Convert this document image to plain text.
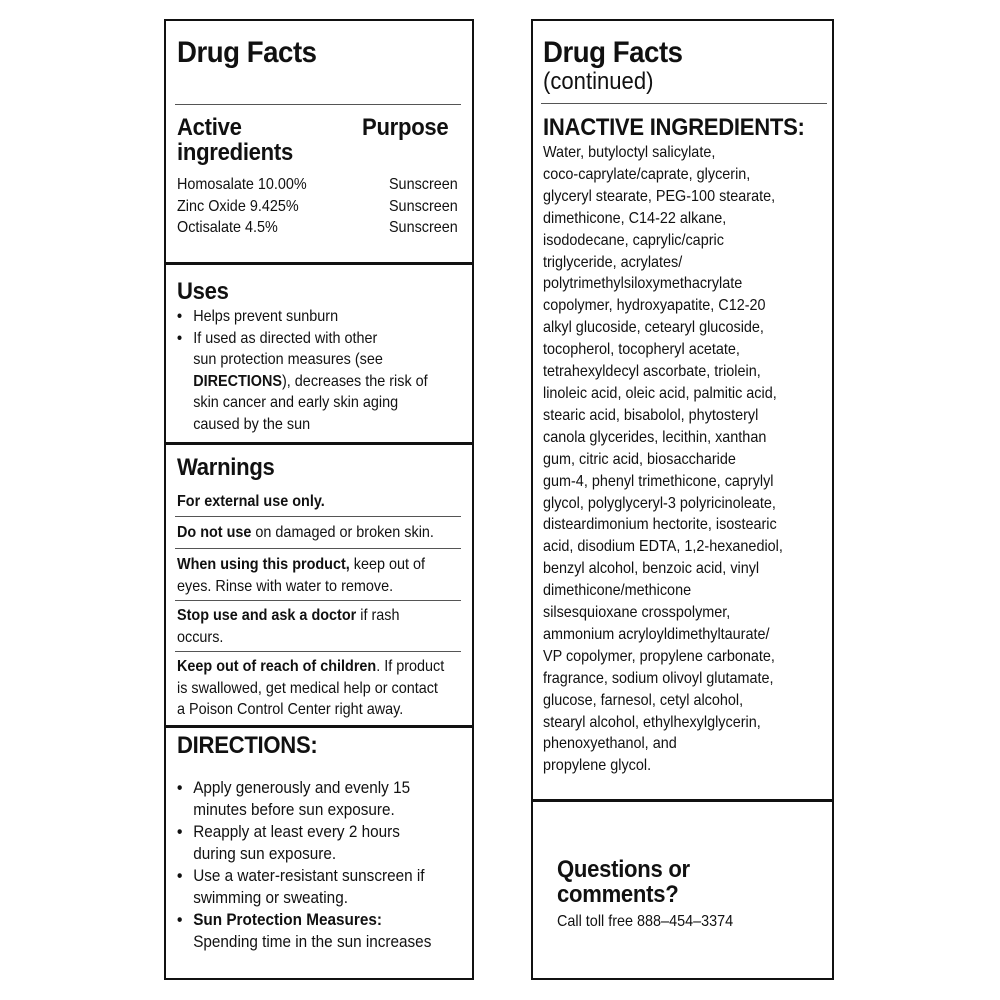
Drug Facts
Active
ingredients
Purpose
Homosalate 10.00%	Sunscreen
Zinc Oxide 9.425%	Sunscreen
Octisalate 4.5%	Sunscreen
Uses
• Helps prevent sunburn
• If used as directed with other
sun protection measures (see
DIRECTIONS), decreases the risk of
skin cancer and early skin aging
caused by the sun
Warnings
For external use only.
Do not use on damaged or broken skin.
When using this product, keep out of
eyes. Rinse with water to remove.
Stop use and ask a doctor if rash
occurs.
Keep out of reach of children. If product
is swallowed, get medical help or contact
a Poison Control Center right away.
DIRECTIONS:
• Apply generously and evenly 15
minutes before sun exposure.
• Reapply at least every 2 hours
during sun exposure.
• Use a water-resistant sunscreen if
swimming or sweating.
• Sun Protection Measures:
Spending time in the sun increases
Drug Facts
(continued)
INACTIVE INGREDIENTS:
Water, butyloctyl salicylate,
coco-caprylate/caprate, glycerin,
glyceryl stearate, PEG-100 stearate,
dimethicone, C14-22 alkane,
isododecane, caprylic/capric
triglyceride, acrylates/
polytrimethylsiloxymethacrylate
copolymer, hydroxyapatite, C12-20
alkyl glucoside, cetearyl glucoside,
tocopherol, tocopheryl acetate,
tetrahexyldecyl ascorbate, triolein,
linoleic acid, oleic acid, palmitic acid,
stearic acid, bisabolol, phytosteryl
canola glycerides, lecithin, xanthan
gum, citric acid, biosaccharide
gum-4, phenyl trimethicone, caprylyl
glycol, polyglyceryl-3 polyricinoleate,
disteardimonium hectorite, isostearic
acid, disodium EDTA, 1,2-hexanediol,
benzyl alcohol, benzoic acid, vinyl
dimethicone/methicone
silsesquioxane crosspolymer,
ammonium acryloyldimethyltaurate/
VP copolymer, propylene carbonate,
fragrance, sodium olivoyl glutamate,
glucose, farnesol, cetyl alcohol,
stearyl alcohol, ethylhexylglycerin,
phenoxyethanol, and
propylene glycol.
Questions or
comments?
Call toll free 888–454–3374
